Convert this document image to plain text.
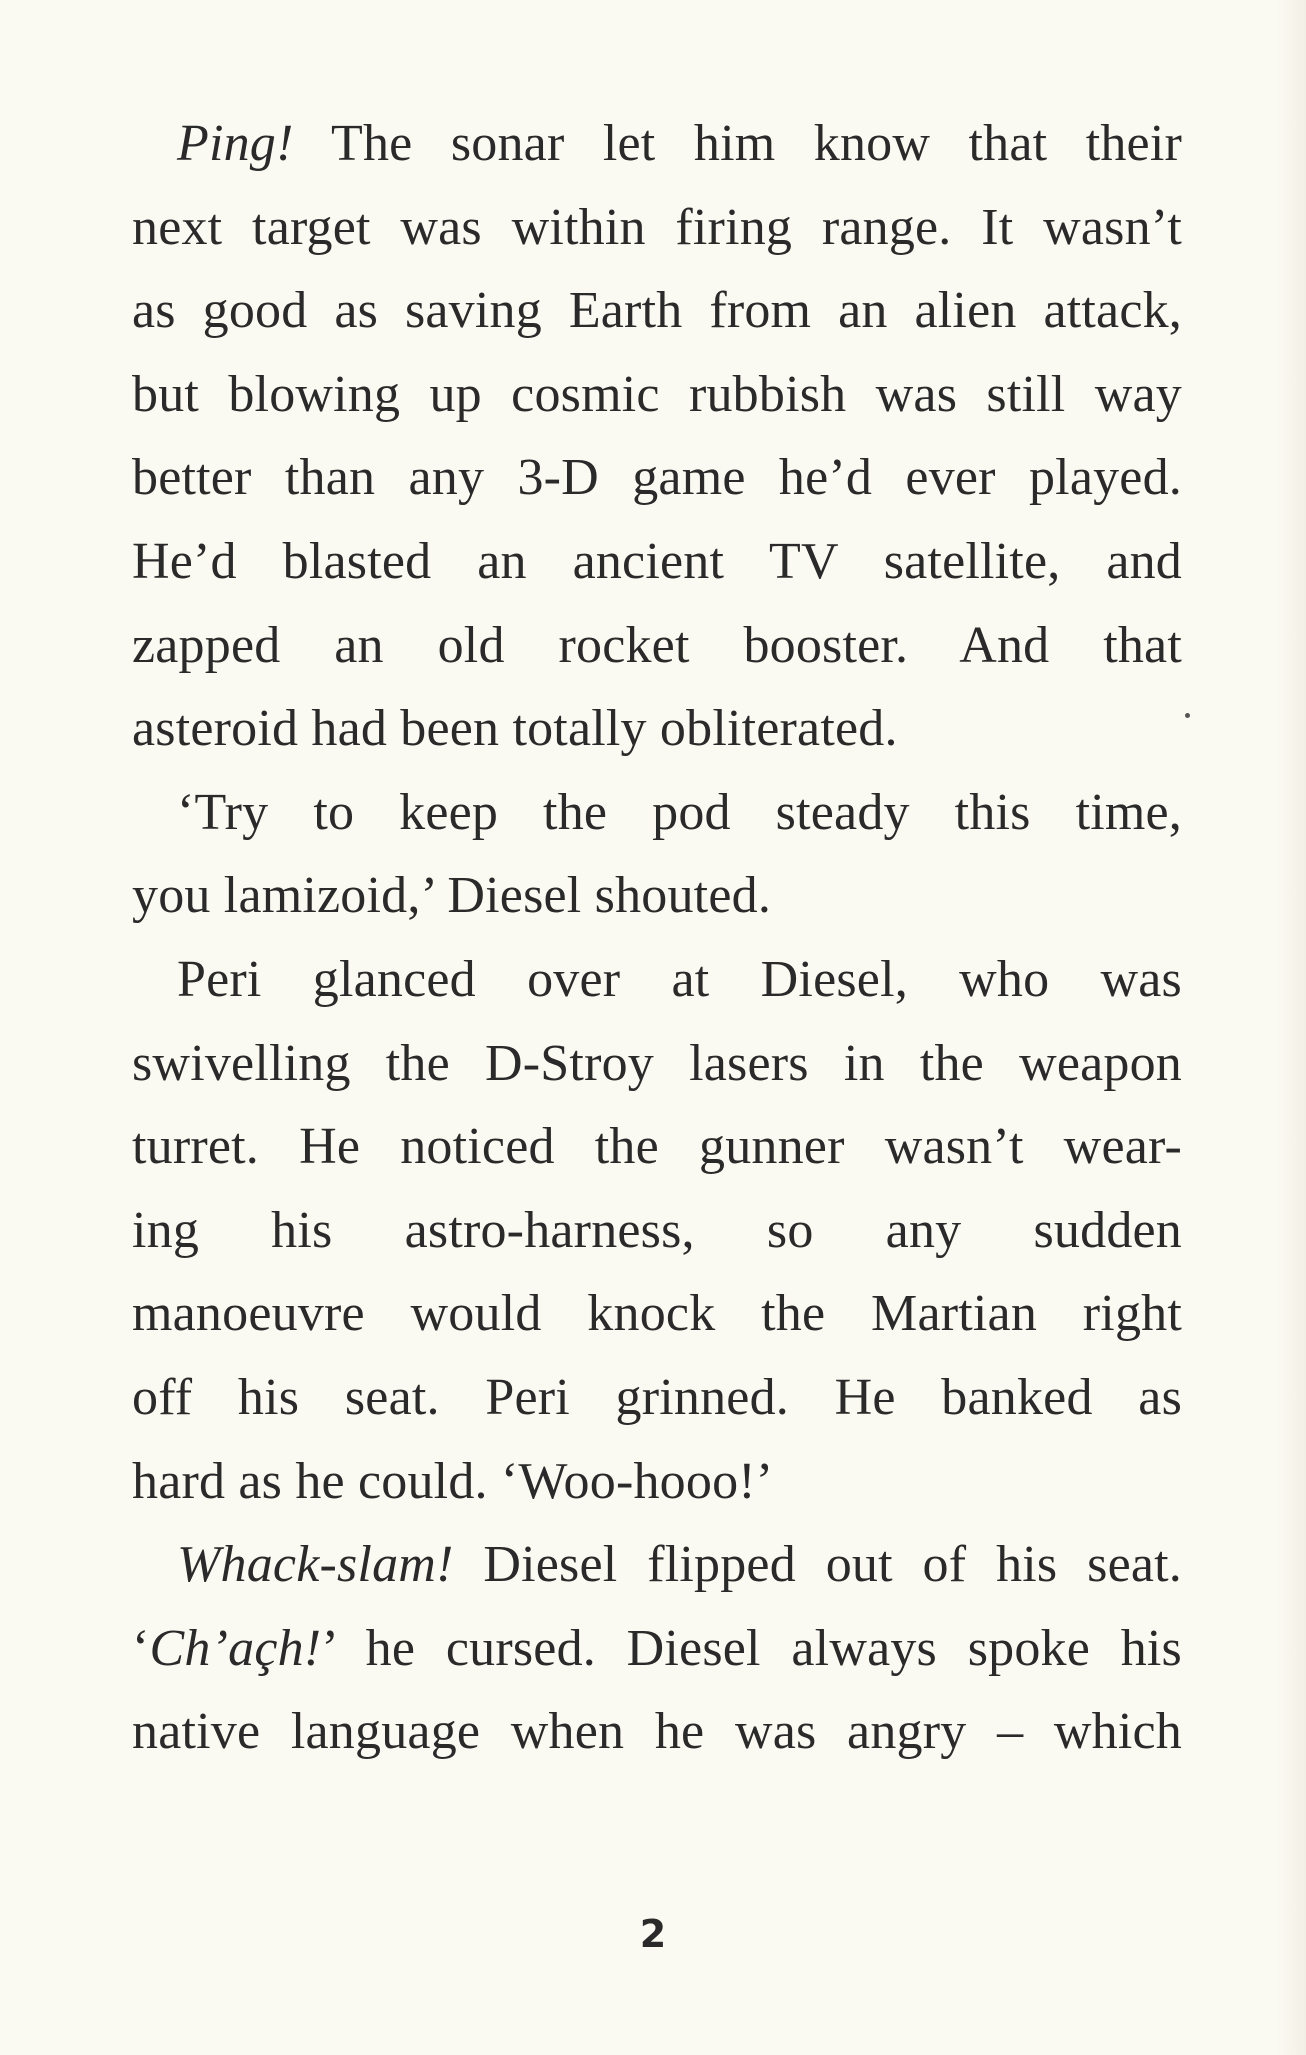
Ping! The sonar let him know that their
next target was within firing range. It wasn’t
as good as saving Earth from an alien attack,
but blowing up cosmic rubbish was still way
better than any 3-D game he’d ever played.
He’d blasted an ancient TV satellite, and
zapped an old rocket booster. And that
asteroid had been totally obliterated.
‘Try to keep the pod steady this time,
you lamizoid,’ Diesel shouted.
Peri glanced over at Diesel, who was
swivelling the D-Stroy lasers in the weapon
turret. He noticed the gunner wasn’t wear-
ing his astro-harness, so any sudden
manoeuvre would knock the Martian right
off his seat. Peri grinned. He banked as
hard as he could. ‘Woo-hooo!’
Whack-slam! Diesel flipped out of his seat.
‘Ch’açh!’ he cursed. Diesel always spoke his
native language when he was angry – which
2
